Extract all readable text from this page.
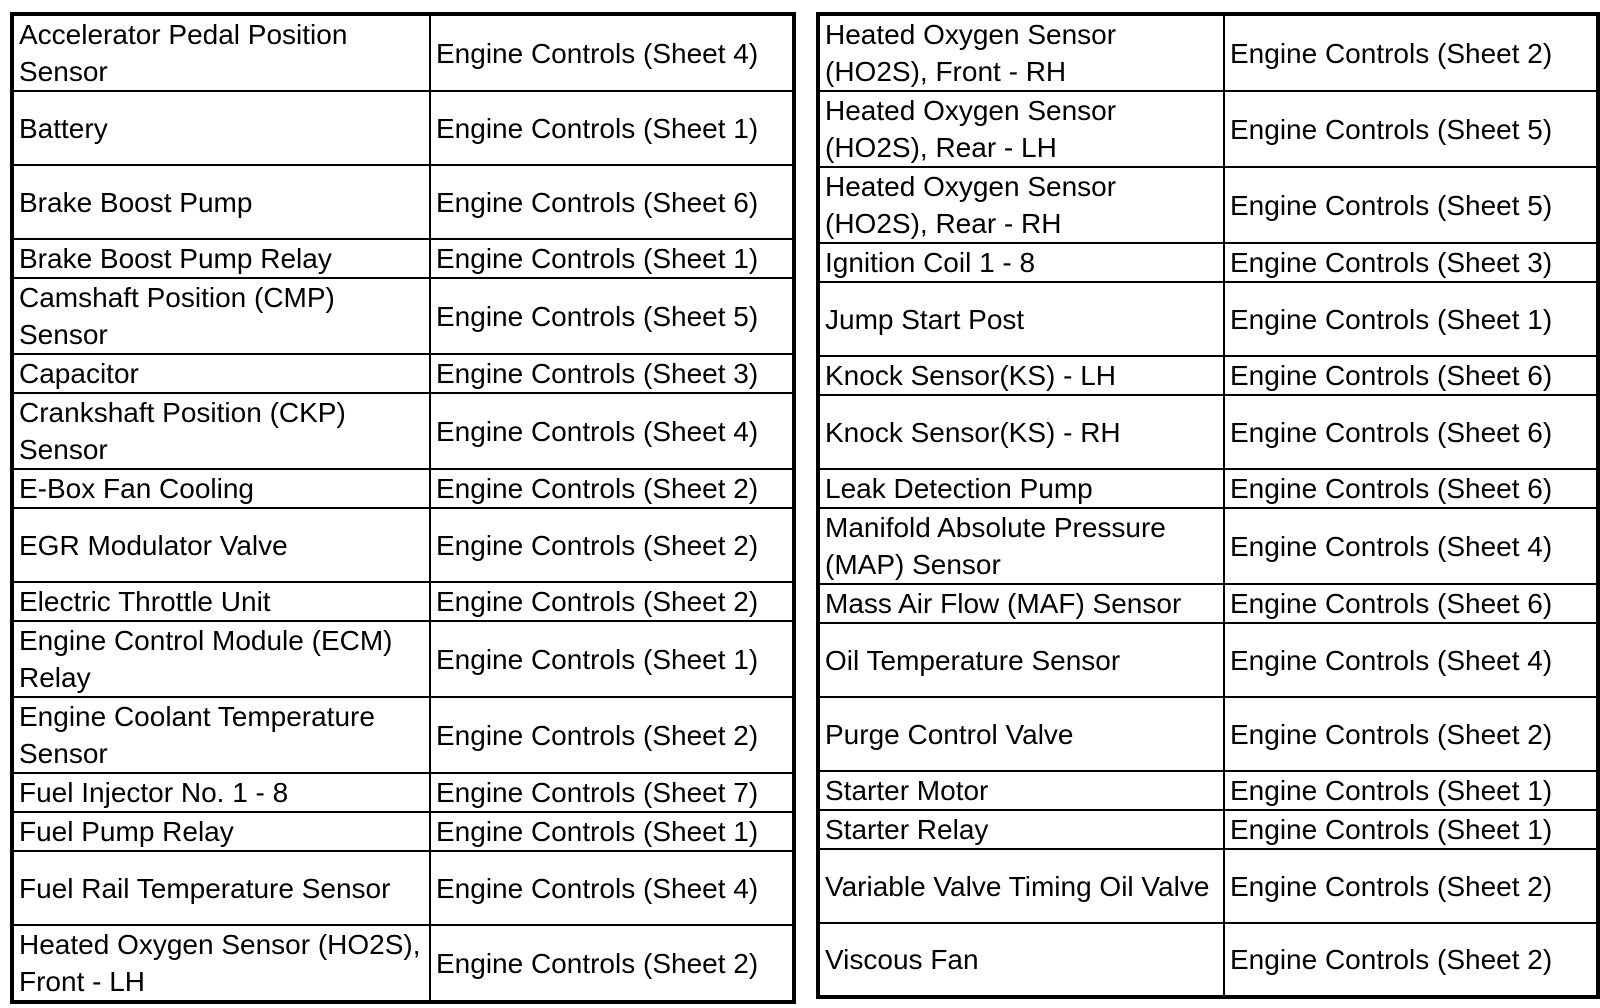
Accelerator Pedal Position Sensor	Engine Controls (Sheet 4)
Battery	Engine Controls (Sheet 1)
Brake Boost Pump	Engine Controls (Sheet 6)
Brake Boost Pump Relay	Engine Controls (Sheet 1)
Camshaft Position (CMP) Sensor	Engine Controls (Sheet 5)
Capacitor	Engine Controls (Sheet 3)
Crankshaft Position (CKP) Sensor	Engine Controls (Sheet 4)
E-Box Fan Cooling	Engine Controls (Sheet 2)
EGR Modulator Valve	Engine Controls (Sheet 2)
Electric Throttle Unit	Engine Controls (Sheet 2)
Engine Control Module (ECM) Relay	Engine Controls (Sheet 1)
Engine Coolant Temperature Sensor	Engine Controls (Sheet 2)
Fuel Injector No. 1 - 8	Engine Controls (Sheet 7)
Fuel Pump Relay	Engine Controls (Sheet 1)
Fuel Rail Temperature Sensor	Engine Controls (Sheet 4)
Heated Oxygen Sensor (HO2S), Front - LH	Engine Controls (Sheet 2)
Heated Oxygen Sensor (HO2S), Front - RH	Engine Controls (Sheet 2)
Heated Oxygen Sensor (HO2S), Rear - LH	Engine Controls (Sheet 5)
Heated Oxygen Sensor (HO2S), Rear - RH	Engine Controls (Sheet 5)
Ignition Coil 1 - 8	Engine Controls (Sheet 3)
Jump Start Post	Engine Controls (Sheet 1)
Knock Sensor(KS) - LH	Engine Controls (Sheet 6)
Knock Sensor(KS) - RH	Engine Controls (Sheet 6)
Leak Detection Pump	Engine Controls (Sheet 6)
Manifold Absolute Pressure (MAP) Sensor	Engine Controls (Sheet 4)
Mass Air Flow (MAF) Sensor	Engine Controls (Sheet 6)
Oil Temperature Sensor	Engine Controls (Sheet 4)
Purge Control Valve	Engine Controls (Sheet 2)
Starter Motor	Engine Controls (Sheet 1)
Starter Relay	Engine Controls (Sheet 1)
Variable Valve Timing Oil Valve	Engine Controls (Sheet 2)
Viscous Fan	Engine Controls (Sheet 2)
